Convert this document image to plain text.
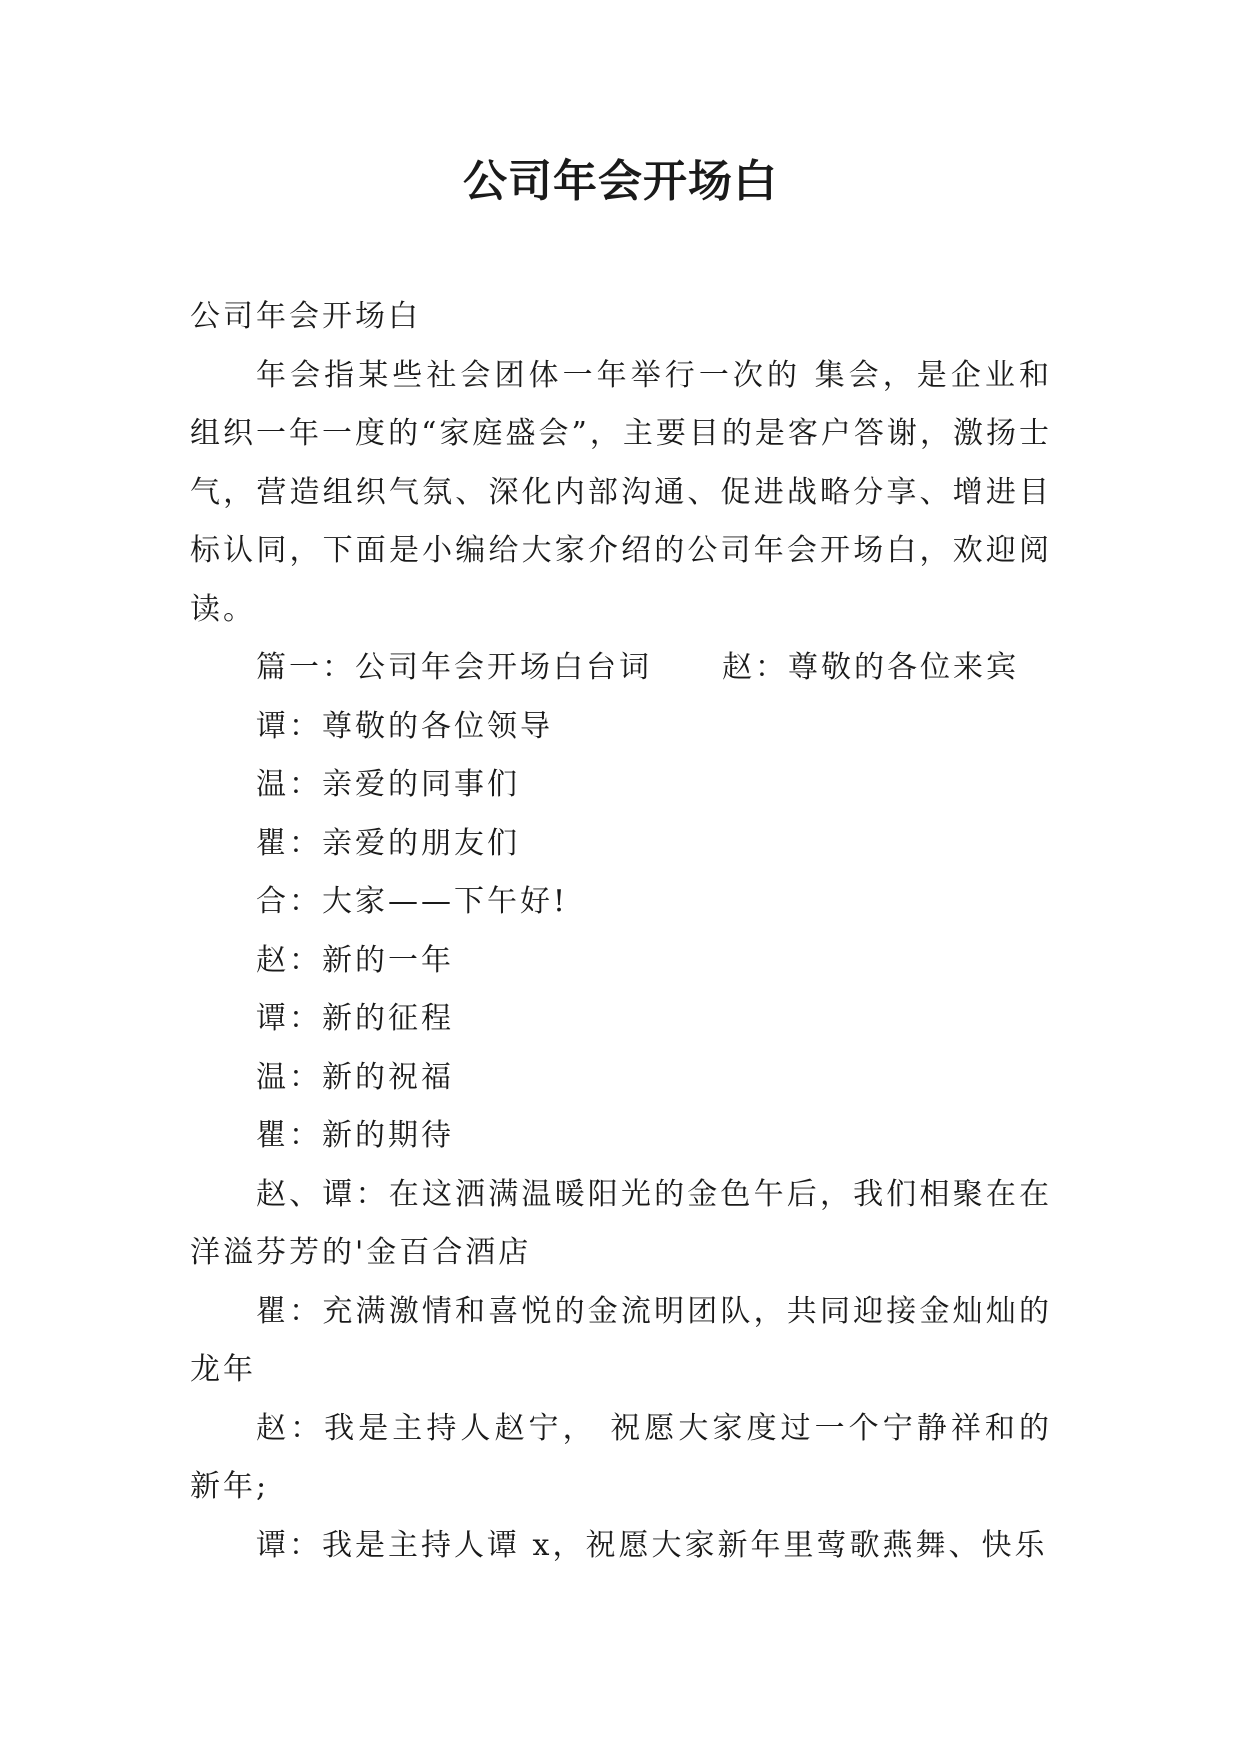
公司年会开场白

公司年会开场白

年会指某些社会团体一年举行一次的 集会，是企业和组织一年一度的“家庭盛会”，主要目的是客户答谢，激扬士气，营造组织气氛、深化内部沟通、促进战略分享、增进目标认同，下面是小编给大家介绍的公司年会开场白，欢迎阅读。

篇一：公司年会开场白台词 赵：尊敬的各位来宾

谭：尊敬的各位领导

温：亲爱的同事们

瞿：亲爱的朋友们

合：大家——下午好!

赵：新的一年

谭：新的征程

温：新的祝福

瞿：新的期待

赵、谭：在这洒满温暖阳光的金色午后，我们相聚在在洋溢芬芳的'金百合酒店

瞿：充满激情和喜悦的金流明团队，共同迎接金灿灿的龙年

赵：我是主持人赵宁， 祝愿大家度过一个宁静祥和的新年;

谭：我是主持人谭 x，祝愿大家新年里莺歌燕舞、快乐
